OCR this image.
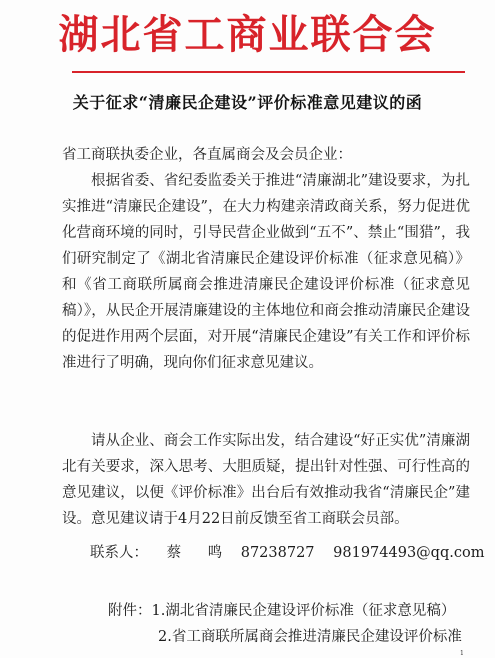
湖北省工商业联合会
关于征求“清廉民企建设”评价标准意见建议的函
省工商联执委企业，各直属商会及会员企业：

根据省委、省纪委监委关于推进“清廉湖北”建设要求，为扎实推进“清廉民企建设”，在大力构建亲清政商关系，努力促进优化营商环境的同时，引导民营企业做到“五不”、禁止“围猎”，我们研究制定了《湖北省清廉民企建设评价标准（征求意见稿）》和《省工商联所属商会推进清廉民企建设评价标准（征求意见稿）》，从民企开展清廉建设的主体地位和商会推动清廉民企建设的促进作用两个层面，对开展“清廉民企建设”有关工作和评价标准进行了明确，现向你们征求意见建议。

请从企业、商会工作实际出发，结合建设“好正实优”清廉湖北有关要求，深入思考、大胆质疑，提出针对性强、可行性高的意见建议，以便《评价标准》出台后有效推动我省“清廉民企”建设。意见建议请于4月22日前反馈至省工商联会员部。

联系人： 蔡　鸣 87238727 981974493@qq.com
附件：1.湖北省清廉民企建设评价标准（征求意见稿）
2.省工商联所属商会推进清廉民企建设评价标准
1
